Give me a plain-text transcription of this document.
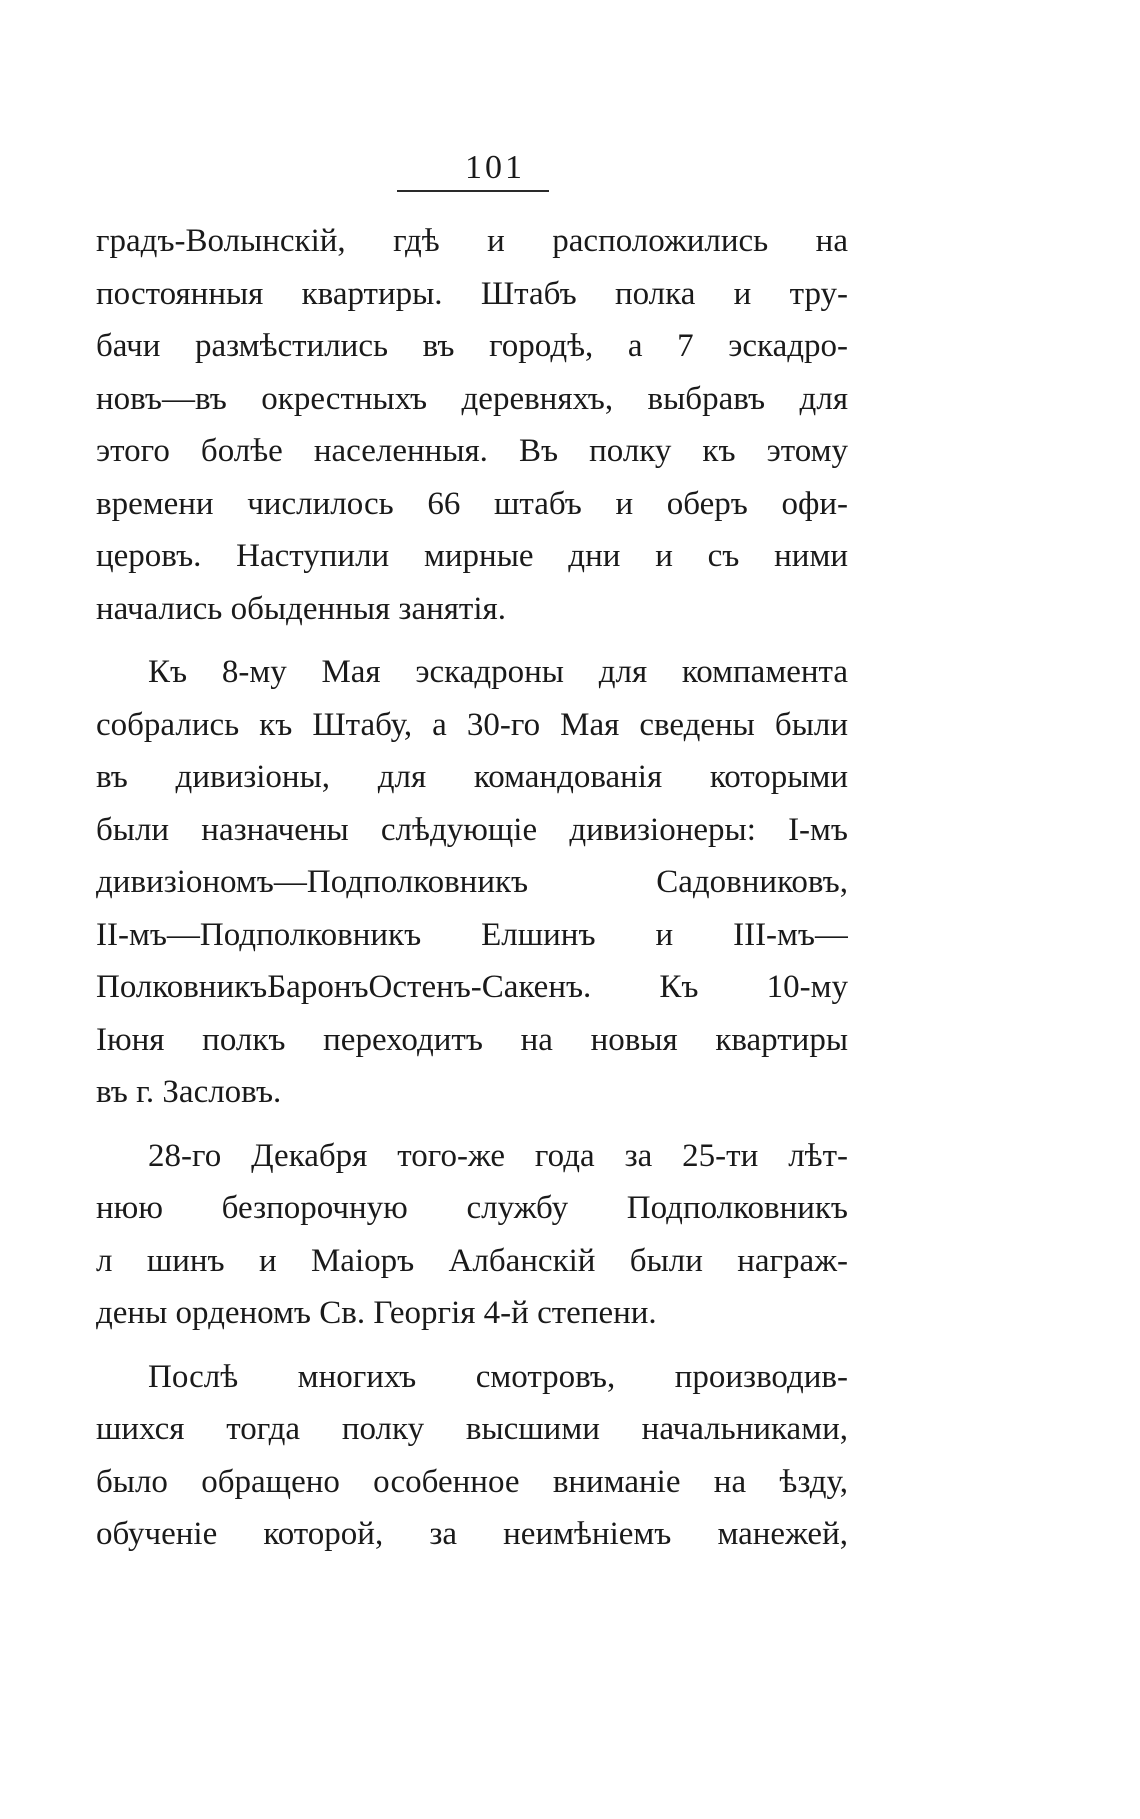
101
градъ-Волынскій, гдѣ и расположились на
постоянныя квартиры. Штабъ полка и тру-
бачи размѣстились въ городѣ, а 7 эскадро-
новъ—въ окрестныхъ деревняхъ, выбравъ для
этого болѣе населенныя. Въ полку къ этому
времени числилось 66 штабъ и оберъ офи-
церовъ. Наступили мирные дни и съ ними
начались обыденныя занятія.
Къ 8-му Мая эскадроны для компамента
собрались къ Штабу, а 30-го Мая сведены были
въ дивизіоны, для командованія которыми
были назначены слѣдующіе дивизіонеры: I-мъ
дивизіономъ—Подполковникъ Садовниковъ,
II-мъ—Подполковникъ Елшинъ и III-мъ—
ПолковникъБаронъОстенъ-Сакенъ. Къ 10-му
Іюня полкъ переходитъ на новыя квартиры
въ г. Засловъ.
28-го Декабря того-же года за 25-ти лѣт-
нюю безпорочную службу Подполковникъ
л шинъ и Маіоръ Албанскій были награж-
дены орденомъ Св. Георгія 4-й степени.
Послѣ многихъ смотровъ, производив-
шихся тогда полку высшими начальниками,
было обращено особенное вниманіе на ѣзду,
обученіе которой, за неимѣніемъ манежей,
